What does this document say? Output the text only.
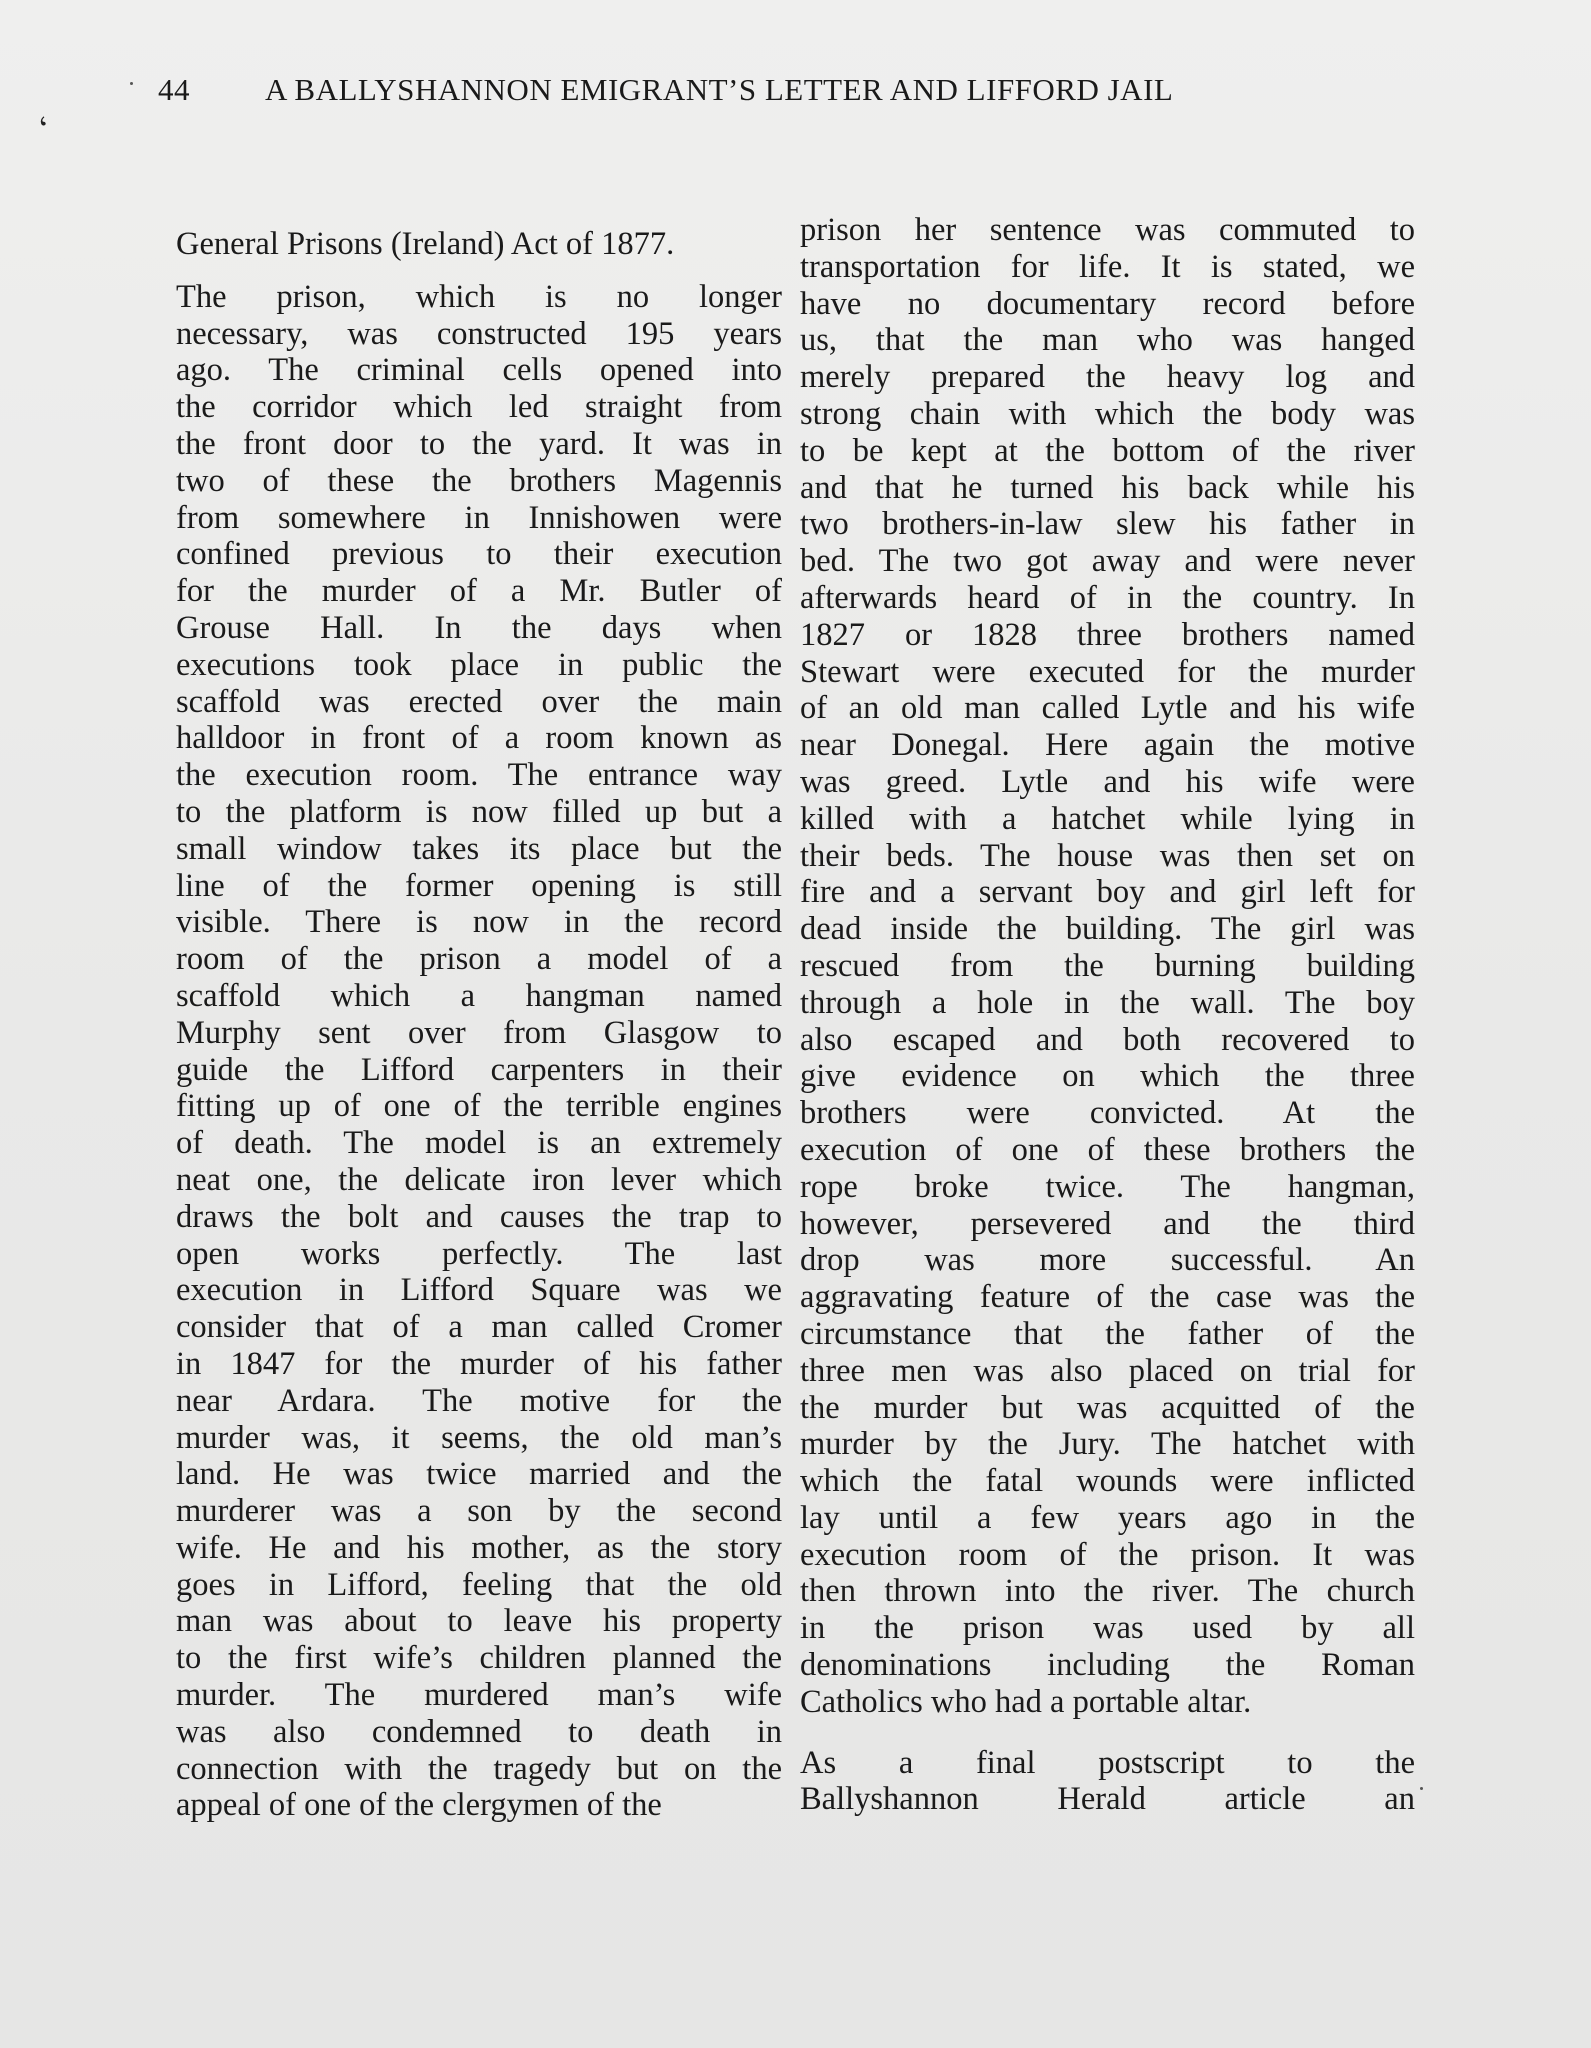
44 A BALLYSHANNON EMIGRANT’S LETTER AND LIFFORD JAIL
ʻ
General Prisons (Ireland) Act of 1877.
The prison, which is no longer
necessary, was constructed 195 years
ago. The criminal cells opened into
the corridor which led straight from
the front door to the yard. It was in
two of these the brothers Magennis
from somewhere in Innishowen were
confined previous to their execution
for the murder of a Mr. Butler of
Grouse Hall. In the days when
executions took place in public the
scaffold was erected over the main
halldoor in front of a room known as
the execution room. The entrance way
to the platform is now filled up but a
small window takes its place but the
line of the former opening is still
visible. There is now in the record
room of the prison a model of a
scaffold which a hangman named
Murphy sent over from Glasgow to
guide the Lifford carpenters in their
fitting up of one of the terrible engines
of death. The model is an extremely
neat one, the delicate iron lever which
draws the bolt and causes the trap to
open works perfectly. The last
execution in Lifford Square was we
consider that of a man called Cromer
in 1847 for the murder of his father
near Ardara. The motive for the
murder was, it seems, the old man’s
land. He was twice married and the
murderer was a son by the second
wife. He and his mother, as the story
goes in Lifford, feeling that the old
man was about to leave his property
to the first wife’s children planned the
murder. The murdered man’s wife
was also condemned to death in
connection with the tragedy but on the
appeal of one of the clergymen of the
prison her sentence was commuted to
transportation for life. It is stated, we
have no documentary record before
us, that the man who was hanged
merely prepared the heavy log and
strong chain with which the body was
to be kept at the bottom of the river
and that he turned his back while his
two brothers-in-law slew his father in
bed. The two got away and were never
afterwards heard of in the country. In
1827 or 1828 three brothers named
Stewart were executed for the murder
of an old man called Lytle and his wife
near Donegal. Here again the motive
was greed. Lytle and his wife were
killed with a hatchet while lying in
their beds. The house was then set on
fire and a servant boy and girl left for
dead inside the building. The girl was
rescued from the burning building
through a hole in the wall. The boy
also escaped and both recovered to
give evidence on which the three
brothers were convicted. At the
execution of one of these brothers the
rope broke twice. The hangman,
however, persevered and the third
drop was more successful. An
aggravating feature of the case was the
circumstance that the father of the
three men was also placed on trial for
the murder but was acquitted of the
murder by the Jury. The hatchet with
which the fatal wounds were inflicted
lay until a few years ago in the
execution room of the prison. It was
then thrown into the river. The church
in the prison was used by all
denominations including the Roman
Catholics who had a portable altar.
As a final postscript to the
Ballyshannon Herald article an
